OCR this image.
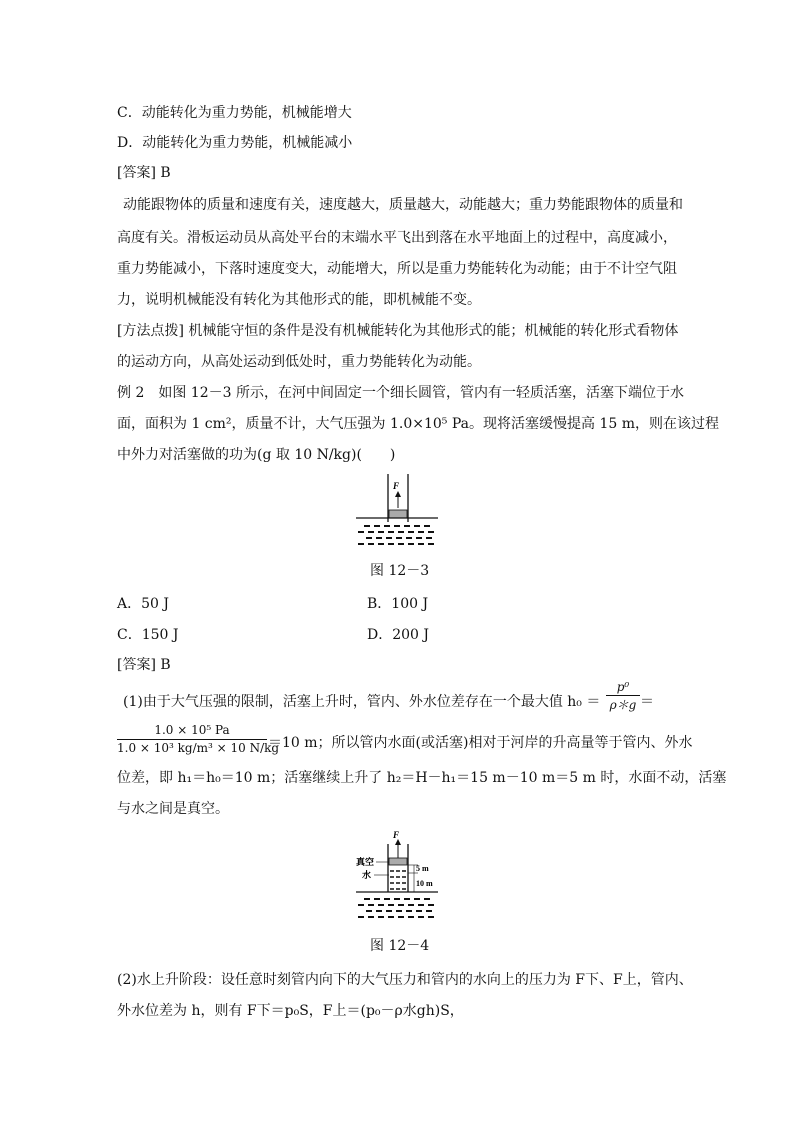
C．动能转化为重力势能，机械能增大
D．动能转化为重力势能，机械能减小
[答案] B
动能跟物体的质量和速度有关，速度越大，质量越大，动能越大；重力势能跟物体的质量和
高度有关。滑板运动员从高处平台的末端水平飞出到落在水平地面上的过程中，高度减小，
重力势能减小，下落时速度变大，动能增大，所以是重力势能转化为动能；由于不计空气阻
力，说明机械能没有转化为其他形式的能，即机械能不变。
[方法点拨] 机械能守恒的条件是没有机械能转化为其他形式的能；机械能的转化形式看物体
的运动方向，从高处运动到低处时，重力势能转化为动能。
例 2　如图 12－3 所示，在河中间固定一个细长圆管，管内有一轻质活塞，活塞下端位于水
面，面积为 1 cm²，质量不计，大气压强为 1.0×10⁵ Pa。现将活塞缓慢提高 15 m，则在该过程
中外力对活塞做的功为(g 取 10 N/kg)(　　)
F
图 12－3
A．50 J	B．100 J
C．150 J	D．200 J
[答案] B
(1)由于大气压强的限制，活塞上升时，管内、外水位差存在一个最大值 $h_0 = \frac{\text{p⁰}}{\rho*g}$ ＝
$\frac{\text{1.0 × 10⁵ Pa}}{\text{1.0 × 10³ kg/m³ × 10 N/kg}} =10$ m；所以管内水面(或活塞)相对于河岸的升高量等于管内、外水
位差，即 h₁＝h₀＝10 m；活塞继续上升了 h₂＝H－h₁＝15 m－10 m＝5 m 时，水面不动，活塞
与水之间是真空。
F
真空
水
5 m
10 m
图 12－4
(2)水上升阶段：设任意时刻管内向下的大气压力和管内的水向上的压力为 F下、F上，管内、
外水位差为 h，则有 F下＝p₀S，F上＝(p₀－ρ水gh)S，
